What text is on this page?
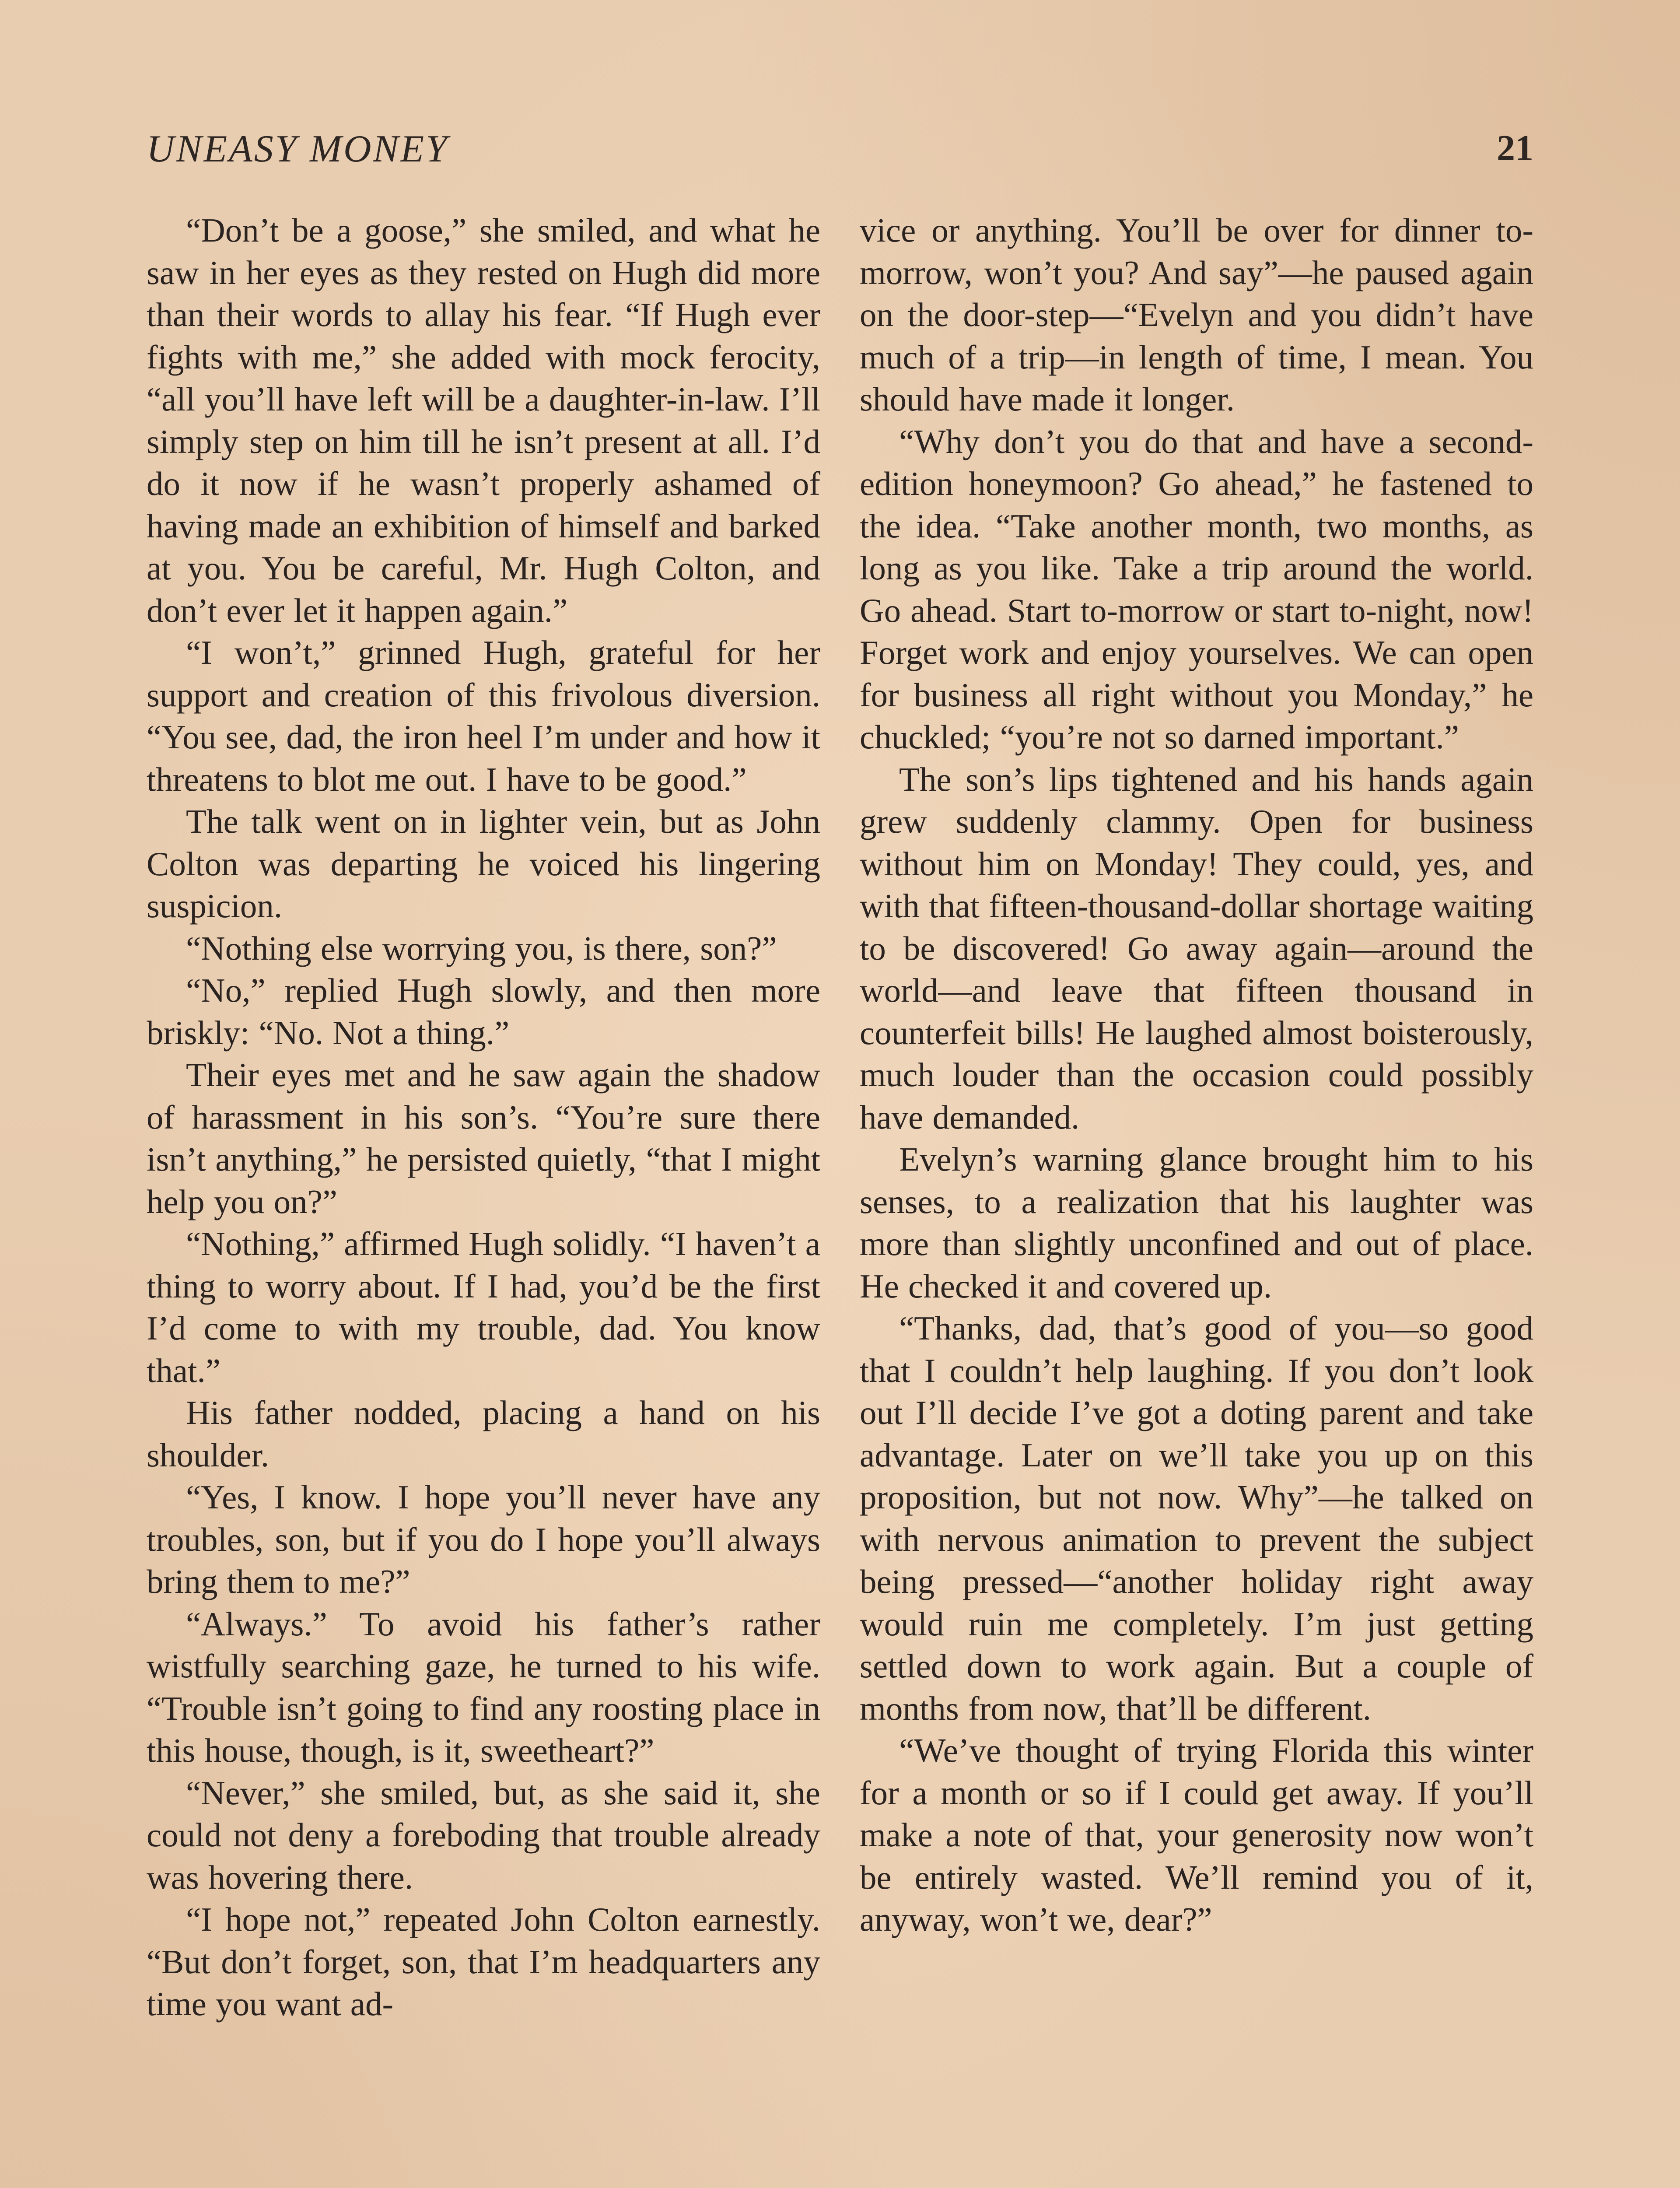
UNEASY MONEY	21

“Don’t be a goose,” she smiled, and what he saw in her eyes as they rested on Hugh did more than their words to allay his fear. “If Hugh ever fights with me,” she added with mock ferocity, “all you’ll have left will be a daughter-in-law. I’ll simply step on him till he isn’t present at all. I’d do it now if he wasn’t properly ashamed of having made an exhibition of himself and barked at you. You be careful, Mr. Hugh Colton, and don’t ever let it happen again.”

“I won’t,” grinned Hugh, grateful for her support and creation of this frivolous diversion. “You see, dad, the iron heel I’m under and how it threatens to blot me out. I have to be good.”

The talk went on in lighter vein, but as John Colton was departing he voiced his lingering suspicion.

“Nothing else worrying you, is there, son?”

“No,” replied Hugh slowly, and then more briskly: “No. Not a thing.”

Their eyes met and he saw again the shadow of harassment in his son’s. “You’re sure there isn’t anything,” he persisted quietly, “that I might help you on?”

“Nothing,” affirmed Hugh solidly. “I haven’t a thing to worry about. If I had, you’d be the first I’d come to with my trouble, dad. You know that.”

His father nodded, placing a hand on his shoulder.

“Yes, I know. I hope you’ll never have any troubles, son, but if you do I hope you’ll always bring them to me?”

“Always.” To avoid his father’s rather wistfully searching gaze, he turned to his wife. “Trouble isn’t going to find any roosting place in this house, though, is it, sweetheart?”

“Never,” she smiled, but, as she said it, she could not deny a foreboding that trouble already was hovering there.

“I hope not,” repeated John Colton earnestly. “But don’t forget, son, that I’m headquarters any time you want ad-

vice or anything. You’ll be over for dinner to-morrow, won’t you? And say”—he paused again on the door-step—“Evelyn and you didn’t have much of a trip—in length of time, I mean. You should have made it longer.

“Why don’t you do that and have a second-edition honeymoon? Go ahead,” he fastened to the idea. “Take another month, two months, as long as you like. Take a trip around the world. Go ahead. Start to-morrow or start to-night, now! Forget work and enjoy yourselves. We can open for business all right without you Monday,” he chuckled; “you’re not so darned important.”

The son’s lips tightened and his hands again grew suddenly clammy. Open for business without him on Monday! They could, yes, and with that fifteen-thousand-dollar shortage waiting to be discovered! Go away again—around the world—and leave that fifteen thousand in counterfeit bills! He laughed almost boisterously, much louder than the occasion could possibly have demanded.

Evelyn’s warning glance brought him to his senses, to a realization that his laughter was more than slightly unconfined and out of place. He checked it and covered up.

“Thanks, dad, that’s good of you—so good that I couldn’t help laughing. If you don’t look out I’ll decide I’ve got a doting parent and take advantage. Later on we’ll take you up on this proposition, but not now. Why”—he talked on with nervous animation to prevent the subject being pressed—“another holiday right away would ruin me completely. I’m just getting settled down to work again. But a couple of months from now, that’ll be different.

“We’ve thought of trying Florida this winter for a month or so if I could get away. If you’ll make a note of that, your generosity now won’t be entirely wasted. We’ll remind you of it, anyway, won’t we, dear?”
